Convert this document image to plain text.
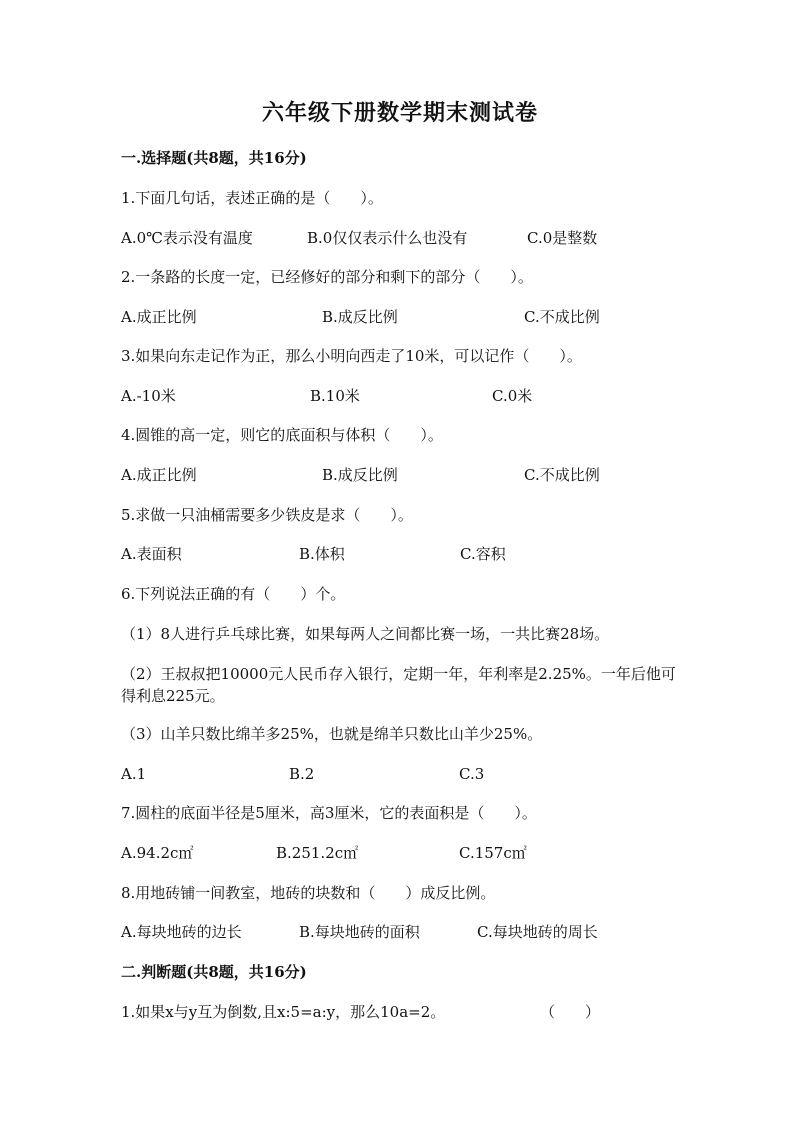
六年级下册数学期末测试卷
一.选择题(共8题，共16分)
1.下面几句话，表述正确的是（　　）。
A.0℃表示没有温度	B.0仅仅表示什么也没有	C.0是整数
2.一条路的长度一定，已经修好的部分和剩下的部分（　　）。
A.成正比例	B.成反比例	C.不成比例
3.如果向东走记作为正，那么小明向西走了10米，可以记作（　　）。
A.-10米	B.10米	C.0米
4.圆锥的高一定，则它的底面积与体积（　　）。
A.成正比例	B.成反比例	C.不成比例
5.求做一只油桶需要多少铁皮是求（　　）。
A.表面积	B.体积	C.容积
6.下列说法正确的有（　　）个。
（1）8人进行乒乓球比赛，如果每两人之间都比赛一场，一共比赛28场。
（2）王叔叔把10000元人民币存入银行，定期一年，年利率是2.25%。一年后他可得利息225元。
（3）山羊只数比绵羊多25%，也就是绵羊只数比山羊少25%。
A.1	B.2	C.3
7.圆柱的底面半径是5厘米，高3厘米，它的表面积是（　　）。
A.94.2c㎡	B.251.2c㎡	C.157c㎡
8.用地砖铺一间教室，地砖的块数和（　　）成反比例。
A.每块地砖的边长	B.每块地砖的面积	C.每块地砖的周长
二.判断题(共8题，共16分)
1.如果x与y互为倒数,且x:5=a:y，那么10a=2。	（　　）
